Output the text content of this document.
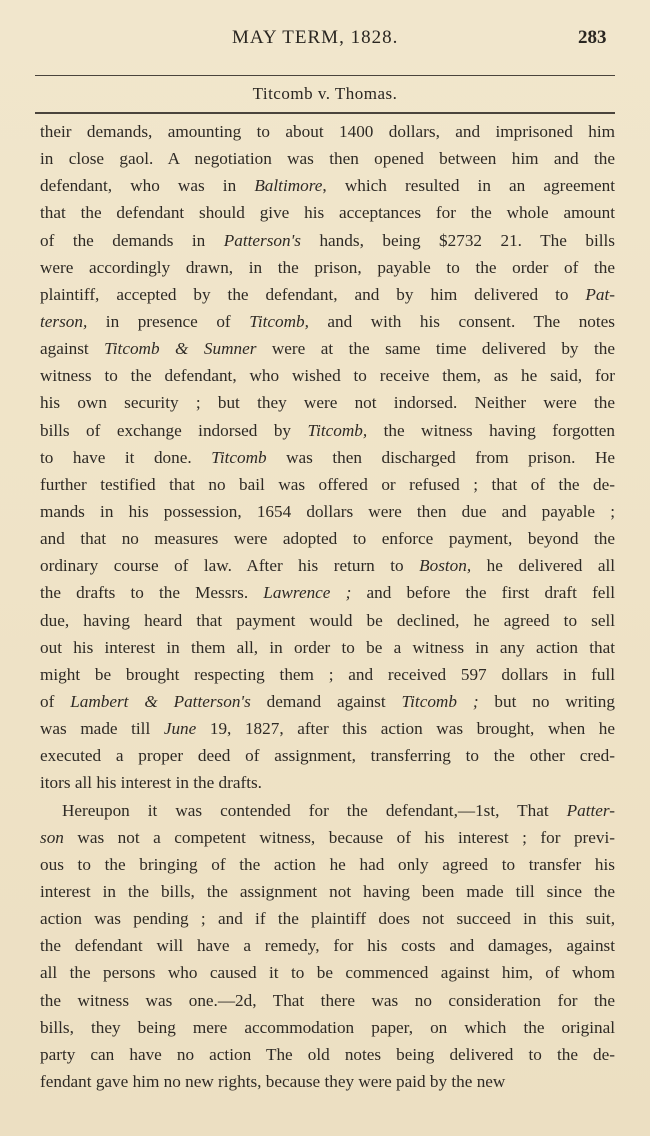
MAY TERM, 1828.	283
Titcomb v. Thomas.
their demands, amounting to about 1400 dollars, and imprisoned him
in close gaol. A negotiation was then opened between him and the
defendant, who was in Baltimore, which resulted in an agreement
that the defendant should give his acceptances for the whole amount
of the demands in Patterson's hands, being $2732 21. The bills
were accordingly drawn, in the prison, payable to the order of the
plaintiff, accepted by the defendant, and by him delivered to Pat-
terson, in presence of Titcomb, and with his consent. The notes
against Titcomb & Sumner were at the same time delivered by the
witness to the defendant, who wished to receive them, as he said, for
his own security ; but they were not indorsed. Neither were the
bills of exchange indorsed by Titcomb, the witness having forgotten
to have it done. Titcomb was then discharged from prison. He
further testified that no bail was offered or refused ; that of the de-
mands in his possession, 1654 dollars were then due and payable ;
and that no measures were adopted to enforce payment, beyond the
ordinary course of law. After his return to Boston, he delivered all
the drafts to the Messrs. Lawrence ; and before the first draft fell
due, having heard that payment would be declined, he agreed to sell
out his interest in them all, in order to be a witness in any action that
might be brought respecting them ; and received 597 dollars in full
of Lambert & Patterson's demand against Titcomb ; but no writing
was made till June 19, 1827, after this action was brought, when he
executed a proper deed of assignment, transferring to the other cred-
itors all his interest in the drafts.
Hereupon it was contended for the defendant,—1st, That Patter-
son was not a competent witness, because of his interest ; for previ-
ous to the bringing of the action he had only agreed to transfer his
interest in the bills, the assignment not having been made till since the
action was pending ; and if the plaintiff does not succeed in this suit,
the defendant will have a remedy, for his costs and damages, against
all the persons who caused it to be commenced against him, of whom
the witness was one.—2d, That there was no consideration for the
bills, they being mere accommodation paper, on which the original
party can have no action The old notes being delivered to the de-
fendant gave him no new rights, because they were paid by the new
